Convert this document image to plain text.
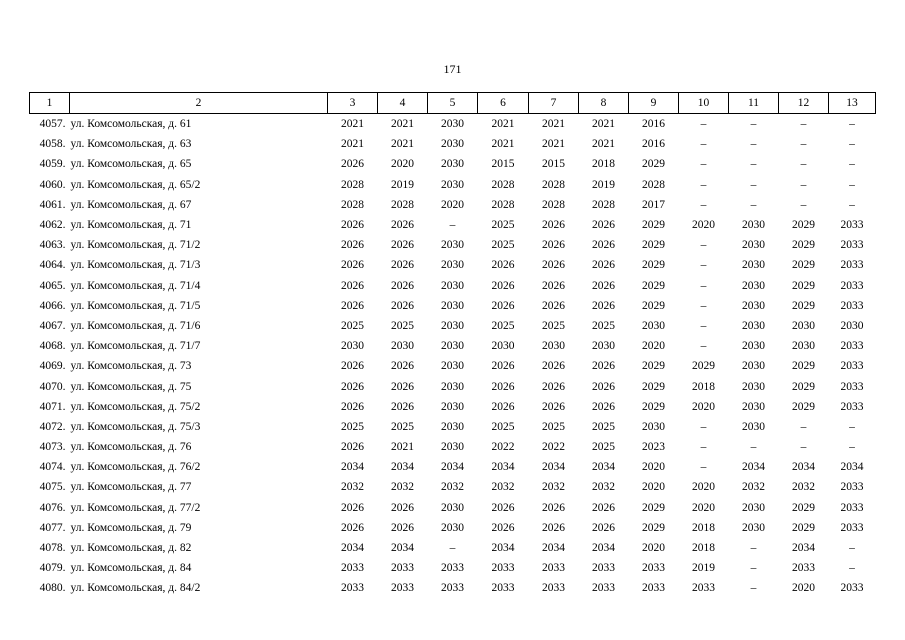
171
1	2	3	4	5	6	7	8	9	10	11	12	13
4057.	ул. Комсомольская, д. 61	2021	2021	2030	2021	2021	2021	2016	–	–	–	–
4058.	ул. Комсомольская, д. 63	2021	2021	2030	2021	2021	2021	2016	–	–	–	–
4059.	ул. Комсомольская, д. 65	2026	2020	2030	2015	2015	2018	2029	–	–	–	–
4060.	ул. Комсомольская, д. 65/2	2028	2019	2030	2028	2028	2019	2028	–	–	–	–
4061.	ул. Комсомольская, д. 67	2028	2028	2020	2028	2028	2028	2017	–	–	–	–
4062.	ул. Комсомольская, д. 71	2026	2026	–	2025	2026	2026	2029	2020	2030	2029	2033
4063.	ул. Комсомольская, д. 71/2	2026	2026	2030	2025	2026	2026	2029	–	2030	2029	2033
4064.	ул. Комсомольская, д. 71/3	2026	2026	2030	2026	2026	2026	2029	–	2030	2029	2033
4065.	ул. Комсомольская, д. 71/4	2026	2026	2030	2026	2026	2026	2029	–	2030	2029	2033
4066.	ул. Комсомольская, д. 71/5	2026	2026	2030	2026	2026	2026	2029	–	2030	2029	2033
4067.	ул. Комсомольская, д. 71/6	2025	2025	2030	2025	2025	2025	2030	–	2030	2030	2030
4068.	ул. Комсомольская, д. 71/7	2030	2030	2030	2030	2030	2030	2020	–	2030	2030	2033
4069.	ул. Комсомольская, д. 73	2026	2026	2030	2026	2026	2026	2029	2029	2030	2029	2033
4070.	ул. Комсомольская, д. 75	2026	2026	2030	2026	2026	2026	2029	2018	2030	2029	2033
4071.	ул. Комсомольская, д. 75/2	2026	2026	2030	2026	2026	2026	2029	2020	2030	2029	2033
4072.	ул. Комсомольская, д. 75/3	2025	2025	2030	2025	2025	2025	2030	–	2030	–	–
4073.	ул. Комсомольская, д. 76	2026	2021	2030	2022	2022	2025	2023	–	–	–	–
4074.	ул. Комсомольская, д. 76/2	2034	2034	2034	2034	2034	2034	2020	–	2034	2034	2034
4075.	ул. Комсомольская, д. 77	2032	2032	2032	2032	2032	2032	2020	2020	2032	2032	2033
4076.	ул. Комсомольская, д. 77/2	2026	2026	2030	2026	2026	2026	2029	2020	2030	2029	2033
4077.	ул. Комсомольская, д. 79	2026	2026	2030	2026	2026	2026	2029	2018	2030	2029	2033
4078.	ул. Комсомольская, д. 82	2034	2034	–	2034	2034	2034	2020	2018	–	2034	–
4079.	ул. Комсомольская, д. 84	2033	2033	2033	2033	2033	2033	2033	2019	–	2033	–
4080.	ул. Комсомольская, д. 84/2	2033	2033	2033	2033	2033	2033	2033	2033	–	2020	2033
